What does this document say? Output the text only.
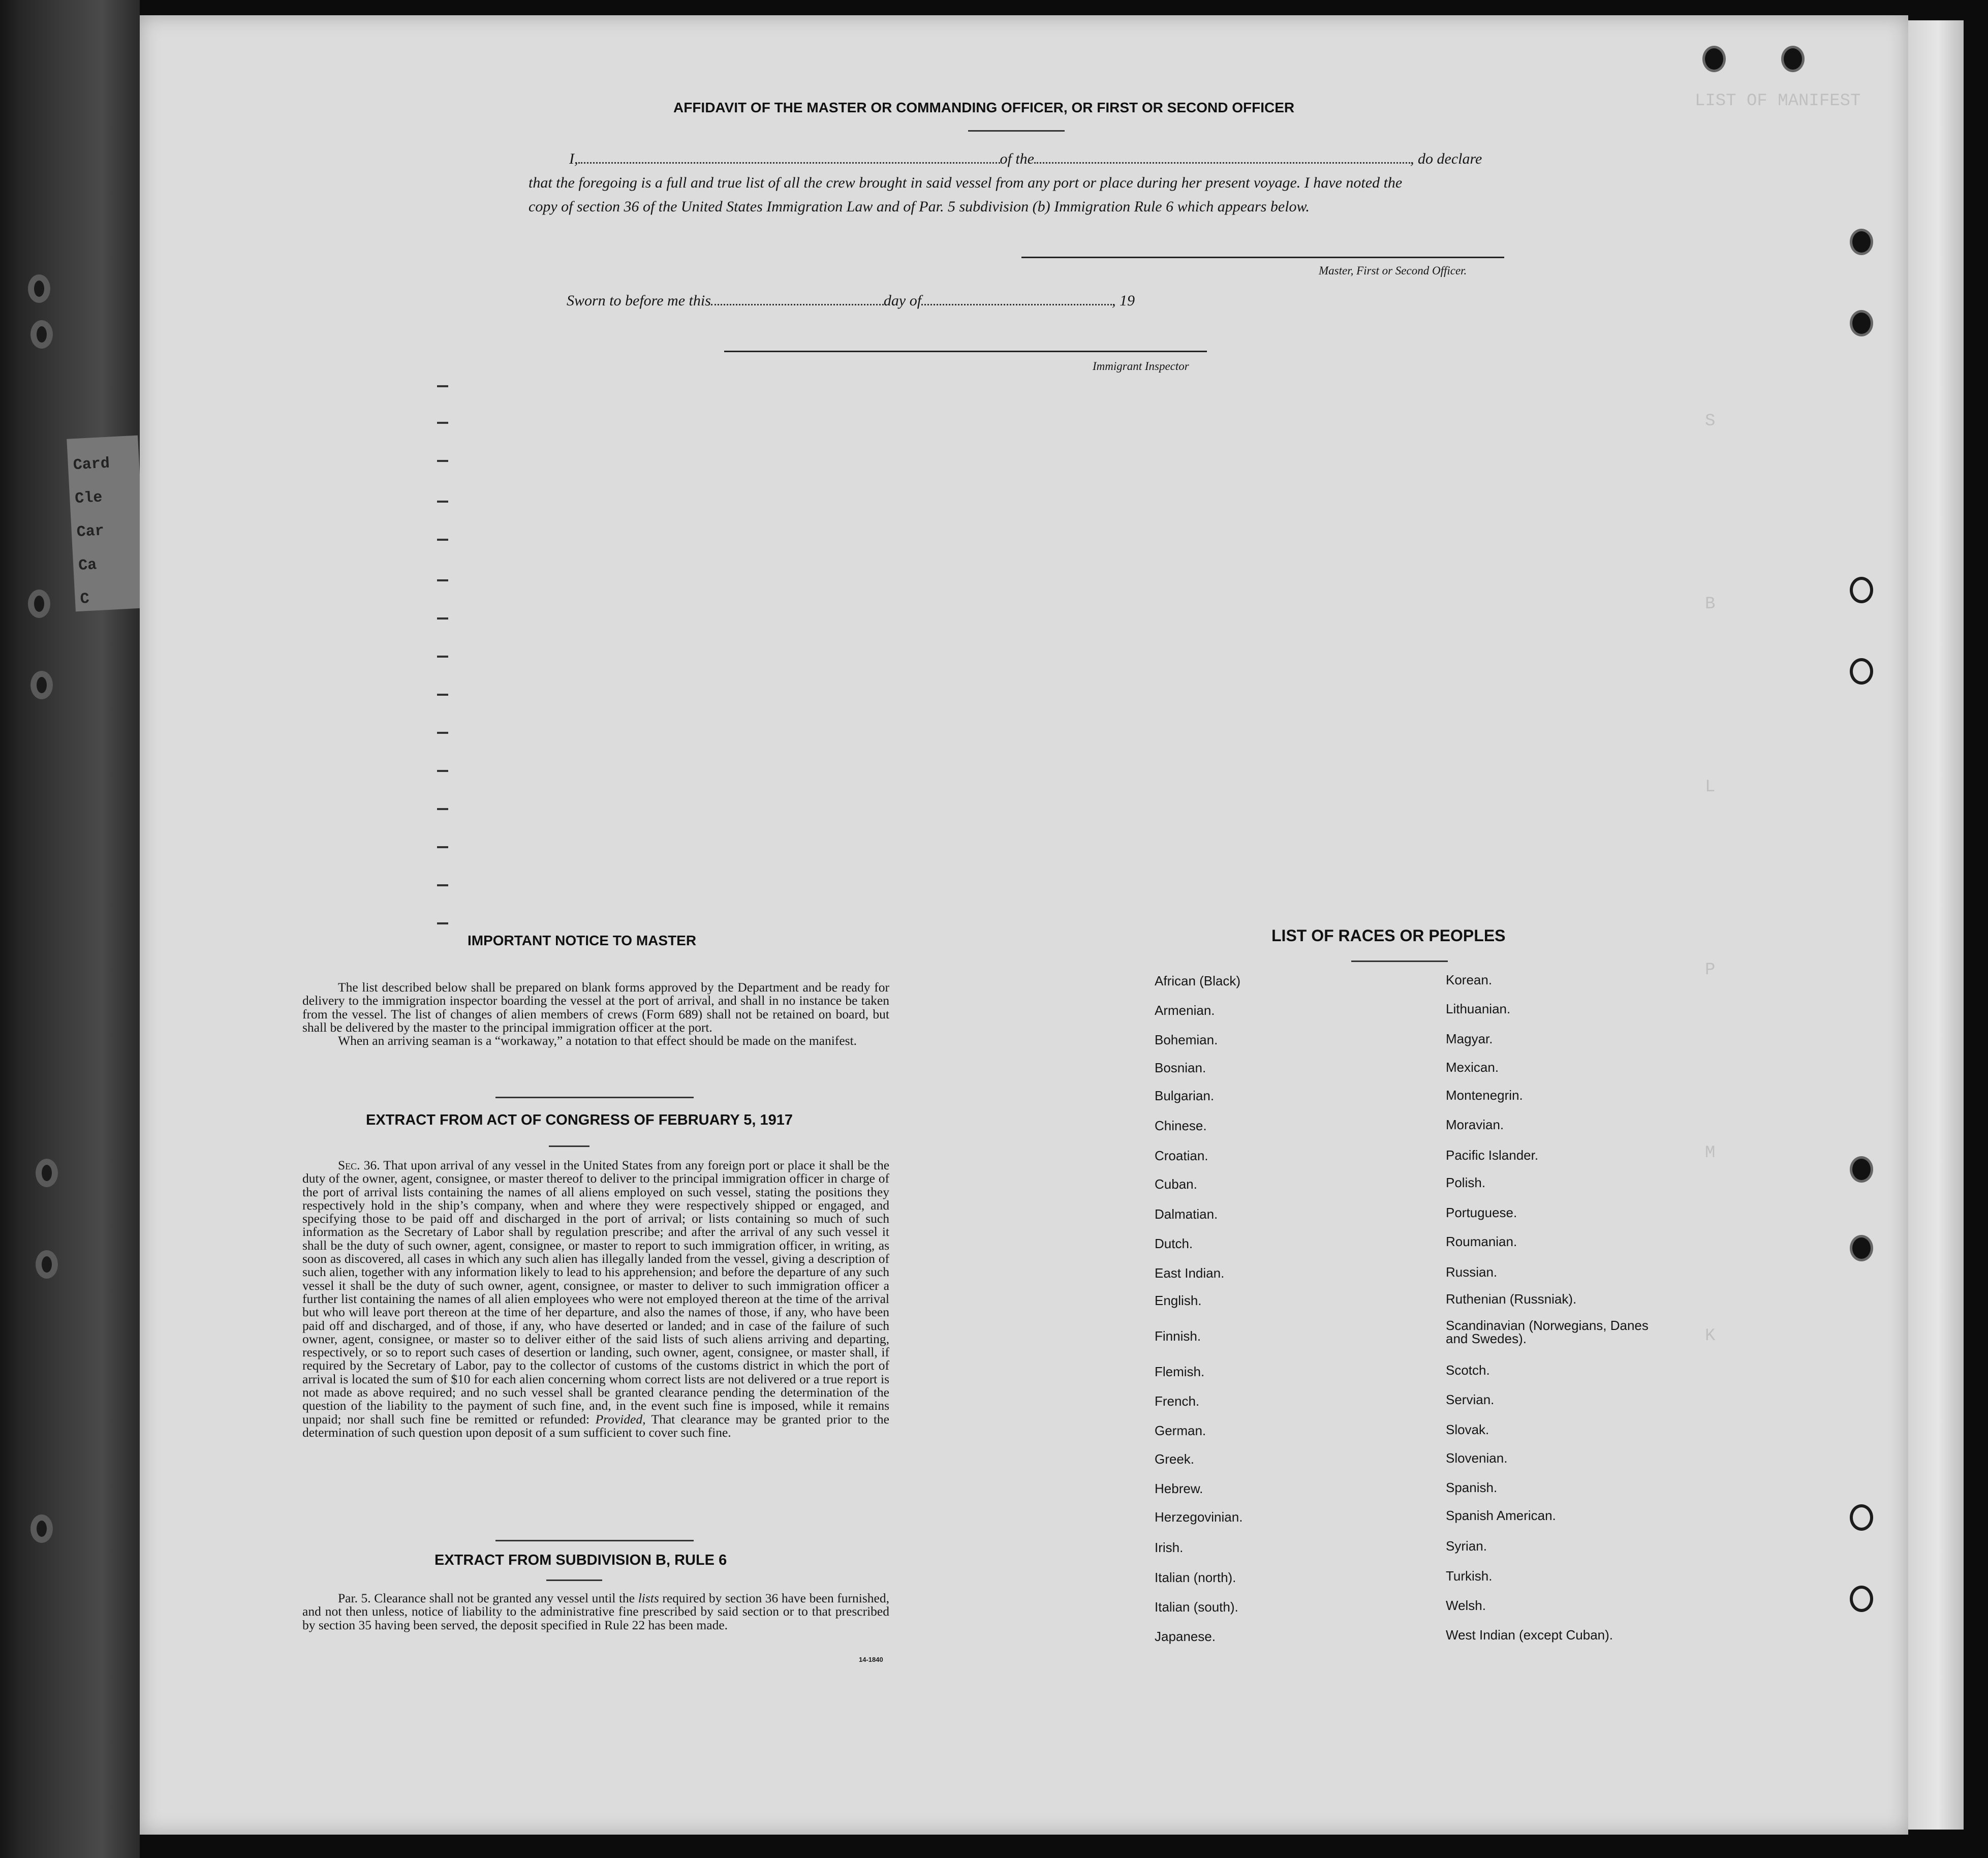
Card
Cle
Car
Ca
C
LIST OF MANIFEST
S
B
L
P
M
K
AFFIDAVIT OF THE MASTER OR COMMANDING OFFICER, OR FIRST OR SECOND OFFICER
I,	of the	, do declare
that the foregoing is a full and true list of all the crew brought in said vessel from any port or place during her present voyage. I have noted the
copy of section 36 of the United States Immigration Law and of Par. 5 subdivision (b) Immigration Rule 6 which appears below.
Master, First or Second Officer.
Sworn to before me this	day of	, 19
Immigrant Inspector
IMPORTANT NOTICE TO MASTER

The list described below shall be prepared on blank forms approved by the Department and be ready for delivery to the immigration inspector boarding the vessel at the port of arrival, and shall in no instance be taken from the vessel. The list of changes of alien members of crews (Form 689) shall not be retained on board, but shall be delivered by the master to the principal immigration officer at the port.

When an arriving seaman is a “workaway,” a notation to that effect should be made on the manifest.

EXTRACT FROM ACT OF CONGRESS OF FEBRUARY 5, 1917

Sec. 36. That upon arrival of any vessel in the United States from any foreign port or place it shall be the duty of the owner, agent, consignee, or master thereof to deliver to the principal immigration officer in charge of the port of arrival lists containing the names of all aliens employed on such vessel, stating the positions they respectively hold in the ship’s company, when and where they were respectively shipped or engaged, and specifying those to be paid off and discharged in the port of arrival; or lists containing so much of such information as the Secretary of Labor shall by regulation prescribe; and after the arrival of any such vessel it shall be the duty of such owner, agent, consignee, or master to report to such immigration officer, in writing, as soon as discovered, all cases in which any such alien has illegally landed from the vessel, giving a description of such alien, together with any information likely to lead to his apprehension; and before the departure of any such vessel it shall be the duty of such owner, agent, consignee, or master to deliver to such immigration officer a further list containing the names of all alien employees who were not employed thereon at the time of the arrival but who will leave port thereon at the time of her departure, and also the names of those, if any, who have been paid off and discharged, and of those, if any, who have deserted or landed; and in case of the failure of such owner, agent, consignee, or master so to deliver either of the said lists of such aliens arriving and departing, respectively, or so to report such cases of desertion or landing, such owner, agent, consignee, or master shall, if required by the Secretary of Labor, pay to the collector of customs of the customs district in which the port of arrival is located the sum of $10 for each alien concerning whom correct lists are not delivered or a true report is not made as above required; and no such vessel shall be granted clearance pending the determination of the question of the liability to the payment of such fine, and, in the event such fine is imposed, while it remains unpaid; nor shall such fine be remitted or refunded: Provided, That clearance may be granted prior to the determination of such question upon deposit of a sum sufficient to cover such fine.

EXTRACT FROM SUBDIVISION B, RULE 6

Par. 5. Clearance shall not be granted any vessel until the lists required by section 36 have been furnished, and not then unless, notice of liability to the administrative fine prescribed by said section or to that prescribed by section 35 having been served, the deposit specified in Rule 22 has been made.

14-1840
LIST OF RACES OR PEOPLES
African (Black)
Armenian.
Bohemian.
Bosnian.
Bulgarian.
Chinese.
Croatian.
Cuban.
Dalmatian.
Dutch.
East Indian.
English.
Finnish.
Flemish.
French.
German.
Greek.
Hebrew.
Herzegovinian.
Irish.
Italian (north).
Italian (south).
Japanese.
Korean.
Lithuanian.
Magyar.
Mexican.
Montenegrin.
Moravian.
Pacific Islander.
Polish.
Portuguese.
Roumanian.
Russian.
Ruthenian (Russniak).
Scandinavian (Norwegians, Danes and Swedes).
Scotch.
Servian.
Slovak.
Slovenian.
Spanish.
Spanish American.
Syrian.
Turkish.
Welsh.
West Indian (except Cuban).
